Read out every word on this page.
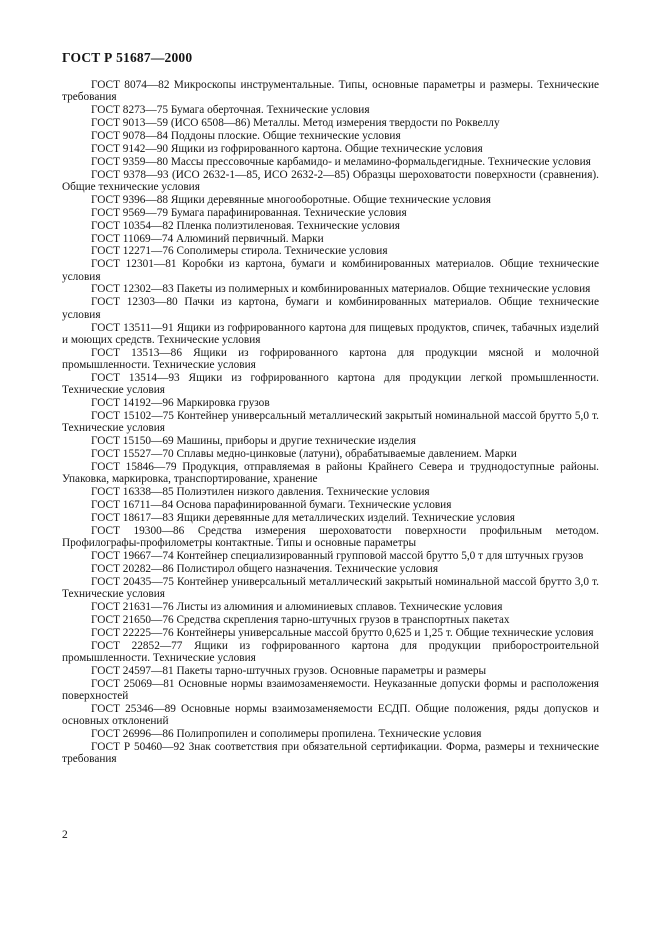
ГОСТ Р 51687—2000

ГОСТ 8074—82 Микроскопы инструментальные. Типы, основные параметры и размеры. Технические требования

ГОСТ 8273—75 Бумага оберточная. Технические условия

ГОСТ 9013—59 (ИСО 6508—86) Металлы. Метод измерения твердости по Роквеллу

ГОСТ 9078—84 Поддоны плоские. Общие технические условия

ГОСТ 9142—90 Ящики из гофрированного картона. Общие технические условия

ГОСТ 9359—80 Массы прессовочные карбамидо- и меламино-формальдегидные. Технические условия

ГОСТ 9378—93 (ИСО 2632-1—85, ИСО 2632-2—85) Образцы шероховатости поверхности (сравнения). Общие технические условия

ГОСТ 9396—88 Ящики деревянные многооборотные. Общие технические условия

ГОСТ 9569—79 Бумага парафинированная. Технические условия

ГОСТ 10354—82 Пленка полиэтиленовая. Технические условия

ГОСТ 11069—74 Алюминий первичный. Марки

ГОСТ 12271—76 Сополимеры стирола. Технические условия

ГОСТ 12301—81 Коробки из картона, бумаги и комбинированных материалов. Общие технические условия

ГОСТ 12302—83 Пакеты из полимерных и комбинированных материалов. Общие технические условия

ГОСТ 12303—80 Пачки из картона, бумаги и комбинированных материалов. Общие технические условия

ГОСТ 13511—91 Ящики из гофрированного картона для пищевых продуктов, спичек, табачных изделий и моющих средств. Технические условия

ГОСТ 13513—86 Ящики из гофрированного картона для продукции мясной и молочной промышленности. Технические условия

ГОСТ 13514—93 Ящики из гофрированного картона для продукции легкой промышленности. Технические условия

ГОСТ 14192—96 Маркировка грузов

ГОСТ 15102—75 Контейнер универсальный металлический закрытый номинальной массой брутто 5,0 т. Технические условия

ГОСТ 15150—69 Машины, приборы и другие технические изделия

ГОСТ 15527—70 Сплавы медно-цинковые (латуни), обрабатываемые давлением. Марки

ГОСТ 15846—79 Продукция, отправляемая в районы Крайнего Севера и труднодоступные районы. Упаковка, маркировка, транспортирование, хранение

ГОСТ 16338—85 Полиэтилен низкого давления. Технические условия

ГОСТ 16711—84 Основа парафинированной бумаги. Технические условия

ГОСТ 18617—83 Ящики деревянные для металлических изделий. Технические условия

ГОСТ 19300—86 Средства измерения шероховатости поверхности профильным методом. Профилографы-профилометры контактные. Типы и основные параметры

ГОСТ 19667—74 Контейнер специализированный групповой массой брутто 5,0 т для штучных грузов

ГОСТ 20282—86 Полистирол общего назначения. Технические условия

ГОСТ 20435—75 Контейнер универсальный металлический закрытый номинальной массой брутто 3,0 т. Технические условия

ГОСТ 21631—76 Листы из алюминия и алюминиевых сплавов. Технические условия

ГОСТ 21650—76 Средства скрепления тарно-штучных грузов в транспортных пакетах

ГОСТ 22225—76 Контейнеры универсальные массой брутто 0,625 и 1,25 т. Общие технические условия

ГОСТ 22852—77 Ящики из гофрированного картона для продукции приборостроительной промышленности. Технические условия

ГОСТ 24597—81 Пакеты тарно-штучных грузов. Основные параметры и размеры

ГОСТ 25069—81 Основные нормы взаимозаменяемости. Неуказанные допуски формы и расположения поверхностей

ГОСТ 25346—89 Основные нормы взаимозаменяемости ЕСДП. Общие положения, ряды допусков и основных отклонений

ГОСТ 26996—86 Полипропилен и сополимеры пропилена. Технические условия

ГОСТ Р 50460—92 Знак соответствия при обязательной сертификации. Форма, размеры и технические требования

2
